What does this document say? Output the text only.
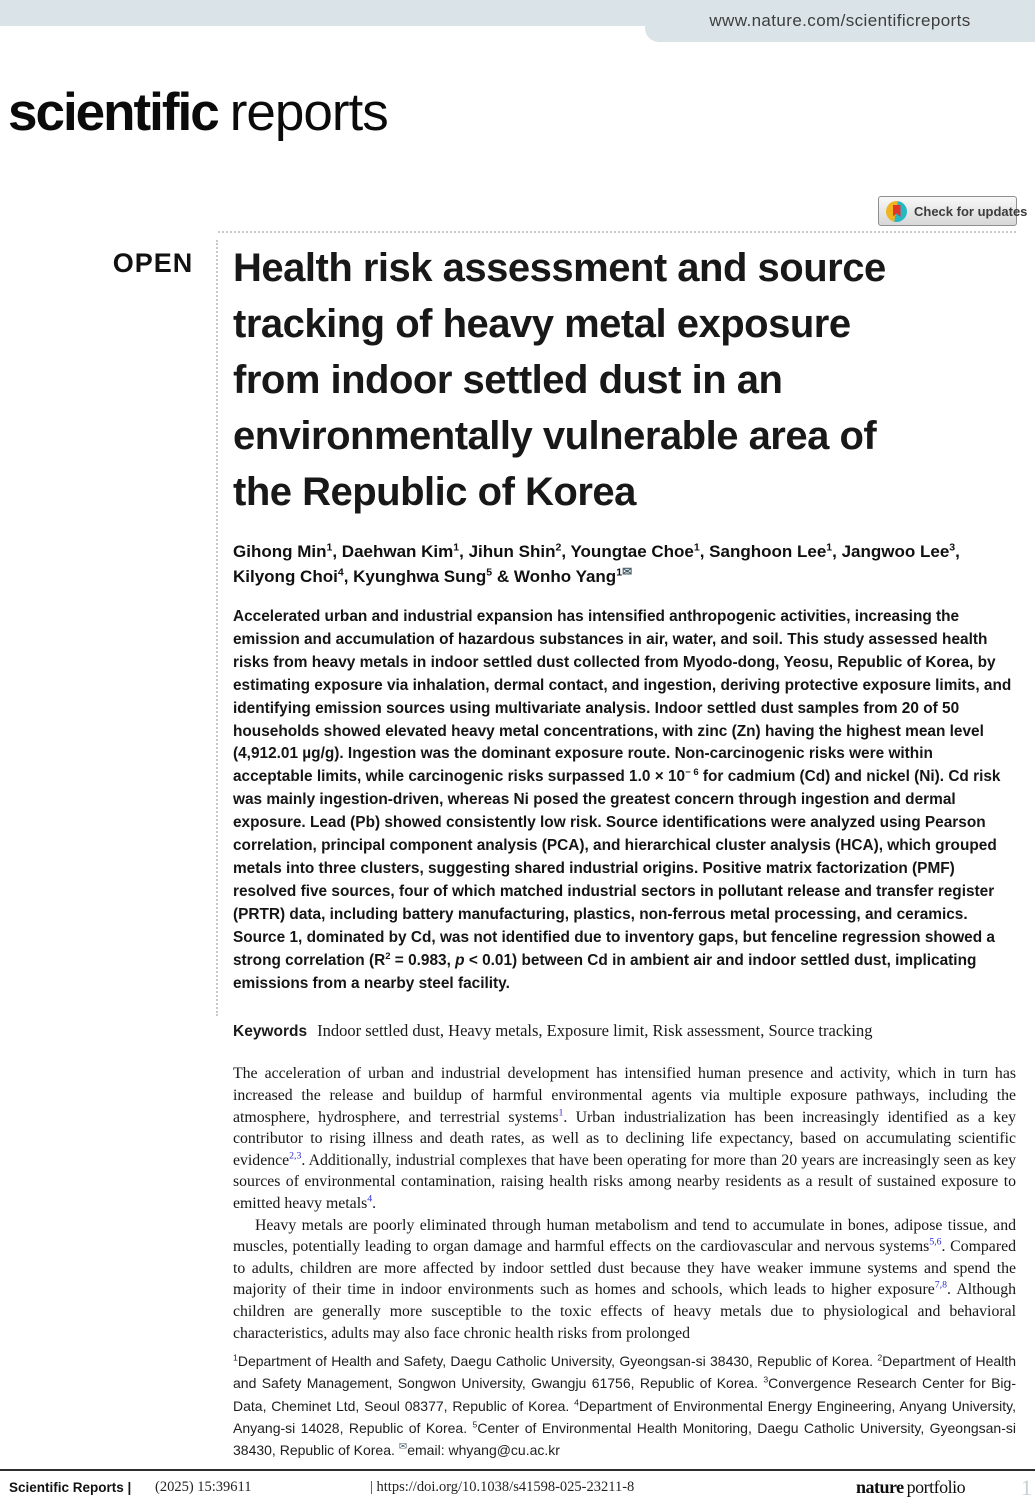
www.nature.com/scientificreports
scientific reports
Check for updates
OPEN Health risk assessment and source
tracking of heavy metal exposure
from indoor settled dust in an
environmentally vulnerable area of
the Republic of Korea
Gihong Min$^1$, Daehwan Kim$^1$, Jihun Shin$^2$, Youngtae Choe$^1$, Sanghoon Lee$^1$, Jangwoo Lee$^3$,
Kilyong Choi$^4$, Kyunghwa Sung$^5$ & Wonho Yang$^{1✉}$
Accelerated urban and industrial expansion has intensified anthropogenic activities, increasing the emission and accumulation of hazardous substances in air, water, and soil. This study assessed health risks from heavy metals in indoor settled dust collected from Myodo-dong, Yeosu, Republic of Korea, by estimating exposure via inhalation, dermal contact, and ingestion, deriving protective exposure limits, and identifying emission sources using multivariate analysis. Indoor settled dust samples from 20 of 50 households showed elevated heavy metal concentrations, with zinc (Zn) having the highest mean level (4,912.01 µg/g). Ingestion was the dominant exposure route. Non-carcinogenic risks were within acceptable limits, while carcinogenic risks surpassed $1.0 \times 10^{- 6}$ for cadmium (Cd) and nickel (Ni). Cd risk was mainly ingestion-driven, whereas Ni posed the greatest concern through ingestion and dermal exposure. Lead (Pb) showed consistently low risk. Source identifications were analyzed using Pearson correlation, principal component analysis (PCA), and hierarchical cluster analysis (HCA), which grouped metals into three clusters, suggesting shared industrial origins. Positive matrix factorization (PMF) resolved five sources, four of which matched industrial sectors in pollutant release and transfer register (PRTR) data, including battery manufacturing, plastics, non-ferrous metal processing, and ceramics. Source 1, dominated by Cd, was not identified due to inventory gaps, but fenceline regression showed a strong correlation ($R^2 = 0.983$, p < 0.01) between Cd in ambient air and indoor settled dust, implicating emissions from a nearby steel facility.
Keywords Indoor settled dust, Heavy metals, Exposure limit, Risk assessment, Source tracking

The acceleration of urban and industrial development has intensified human presence and activity, which in turn has increased the release and buildup of harmful environmental agents via multiple exposure pathways, including the atmosphere, hydrosphere, and terrestrial systems$^1$. Urban industrialization has been increasingly identified as a key contributor to rising illness and death rates, as well as to declining life expectancy, based on accumulating scientific evidence$^{2,3}$. Additionally, industrial complexes that have been operating for more than 20 years are increasingly seen as key sources of environmental contamination, raising health risks among nearby residents as a result of sustained exposure to emitted heavy metals$^4$.

Heavy metals are poorly eliminated through human metabolism and tend to accumulate in bones, adipose tissue, and muscles, potentially leading to organ damage and harmful effects on the cardiovascular and nervous systems$^{5,6}$. Compared to adults, children are more affected by indoor settled dust because they have weaker immune systems and spend the majority of their time in indoor environments such as homes and schools, which leads to higher exposure$^{7,8}$. Although children are generally more susceptible to the toxic effects of heavy metals due to physiological and behavioral characteristics, adults may also face chronic health risks from prolonged

$^1$Department of Health and Safety, Daegu Catholic University, Gyeongsan-si 38430, Republic of Korea. $^2$Department of Health and Safety Management, Songwon University, Gwangju 61756, Republic of Korea. $^3$Convergence Research Center for Big-Data, Cheminet Ltd, Seoul 08377, Republic of Korea. $^4$Department of Environmental Energy Engineering, Anyang University, Anyang-si 14028, Republic of Korea. $^5$Center of Environmental Health Monitoring, Daegu Catholic University, Gyeongsan-si 38430, Republic of Korea. ✉email: whyang@cu.ac.kr
Scientific Reports | (2025) 15:39611	| https://doi.org/10.1038/s41598-025-23211-8	nature portfolio	1
